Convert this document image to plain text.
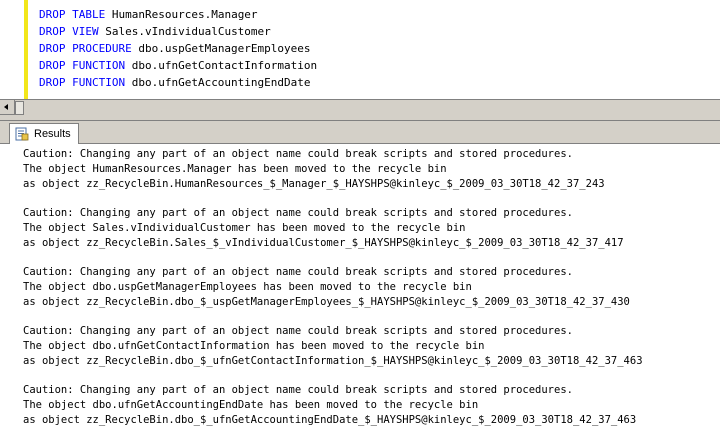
DROP TABLE HumanResources.Manager
DROP VIEW Sales.vIndividualCustomer
DROP PROCEDURE dbo.uspGetManagerEmployees
DROP FUNCTION dbo.ufnGetContactInformation
DROP FUNCTION dbo.ufnGetAccountingEndDate
Results
Caution: Changing any part of an object name could break scripts and stored procedures.
The object HumanResources.Manager has been moved to the recycle bin
as object zz_RecycleBin.HumanResources_$_Manager_$_HAYSHPS@kinleyc_$_2009_03_30T18_42_37_243
Caution: Changing any part of an object name could break scripts and stored procedures.
The object Sales.vIndividualCustomer has been moved to the recycle bin
as object zz_RecycleBin.Sales_$_vIndividualCustomer_$_HAYSHPS@kinleyc_$_2009_03_30T18_42_37_417
Caution: Changing any part of an object name could break scripts and stored procedures.
The object dbo.uspGetManagerEmployees has been moved to the recycle bin
as object zz_RecycleBin.dbo_$_uspGetManagerEmployees_$_HAYSHPS@kinleyc_$_2009_03_30T18_42_37_430
Caution: Changing any part of an object name could break scripts and stored procedures.
The object dbo.ufnGetContactInformation has been moved to the recycle bin
as object zz_RecycleBin.dbo_$_ufnGetContactInformation_$_HAYSHPS@kinleyc_$_2009_03_30T18_42_37_463
Caution: Changing any part of an object name could break scripts and stored procedures.
The object dbo.ufnGetAccountingEndDate has been moved to the recycle bin
as object zz_RecycleBin.dbo_$_ufnGetAccountingEndDate_$_HAYSHPS@kinleyc_$_2009_03_30T18_42_37_463
